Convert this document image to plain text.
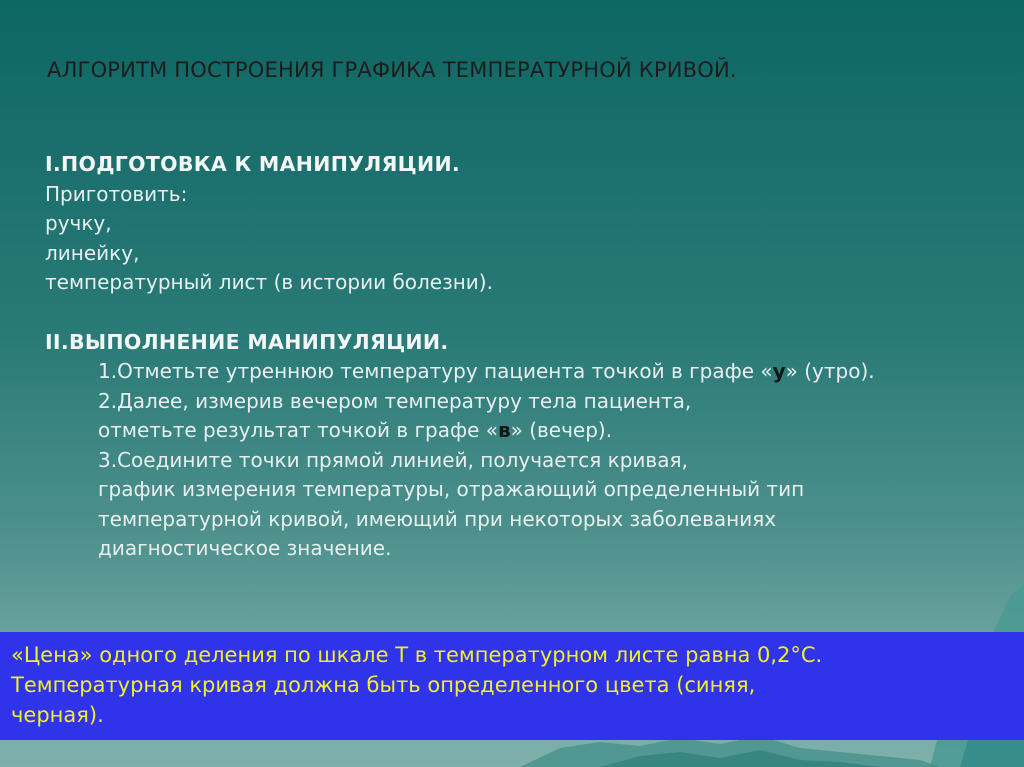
АЛГОРИТМ ПОСТРОЕНИЯ ГРАФИКА ТЕМПЕРАТУРНОЙ КРИВОЙ.
I.ПОДГОТОВКА К МАНИПУЛЯЦИИ.
Приготовить:
ручку,
линейку,
температурный лист (в истории болезни).
II.ВЫПОЛНЕНИЕ МАНИПУЛЯЦИИ.
1.Отметьте утреннюю температуру пациента точкой в графе «у» (утро).
2.Далее, измерив вечером температуру тела пациента,
отметьте результат точкой в графе «в» (вечер).
3.Соедините точки прямой линией, получается кривая,
график измерения температуры, отражающий определенный тип
температурной кривой, имеющий при некоторых заболеваниях
диагностическое значение.
«Цена» одного деления по шкале Т в температурном листе равна 0,2°С.
Температурная кривая должна быть определенного цвета (синяя,
черная).
